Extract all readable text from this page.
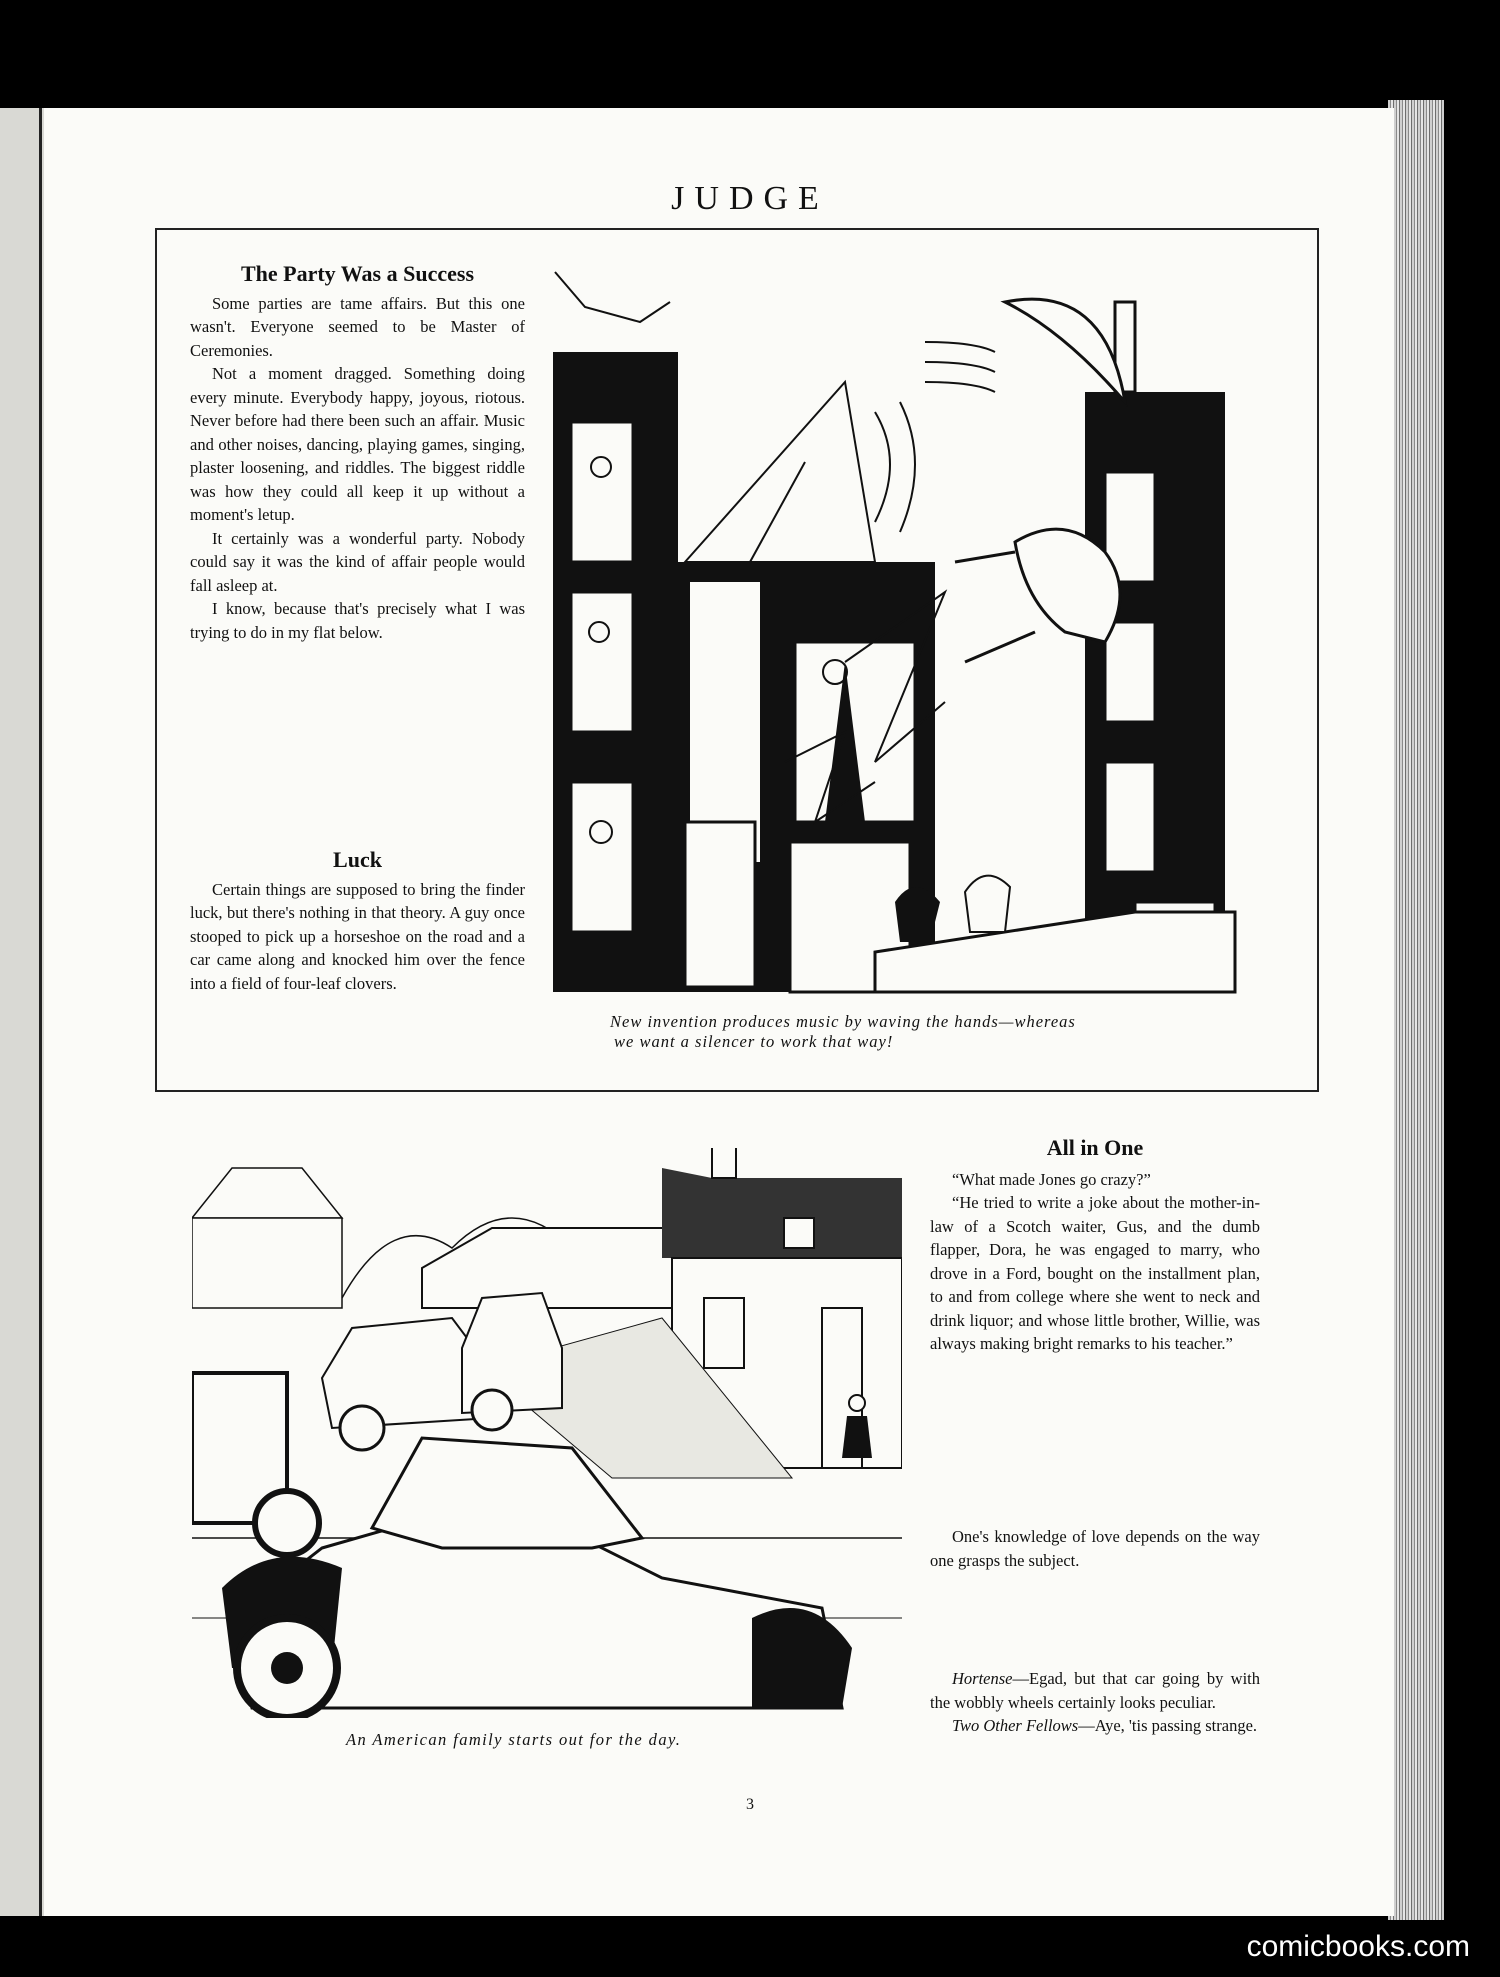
JUDGE
The Party Was a Success

Some parties are tame affairs. But this one wasn't. Everyone seemed to be Master of Ceremonies.

Not a moment dragged. Something doing every minute. Everybody happy, joyous, riotous. Never before had there been such an affair. Music and other noises, dancing, playing games, singing, plaster loosening, and riddles. The biggest riddle was how they could all keep it up without a moment's letup.

It certainly was a wonderful party. Nobody could say it was the kind of affair people would fall asleep at.

I know, because that's precisely what I was trying to do in my flat below.

Luck

Certain things are supposed to bring the finder luck, but there's nothing in that theory. A guy once stooped to pick up a horseshoe on the road and a car came along and knocked him over the fence into a field of four-leaf clovers.

New invention produces music by waving the hands—whereas
we want a silencer to work that way!
An American family starts out for the day.
All in One

“What made Jones go crazy?”

“He tried to write a joke about the mother-in-law of a Scotch waiter, Gus, and the dumb flapper, Dora, he was engaged to marry, who drove in a Ford, bought on the installment plan, to and from college where she went to neck and drink liquor; and whose little brother, Willie, was always making bright remarks to his teacher.”

One's knowledge of love depends on the way one grasps the subject.

Hortense—Egad, but that car going by with the wobbly wheels certainly looks peculiar.

Two Other Fellows—Aye, 'tis passing strange.

3
comicbooks.com
